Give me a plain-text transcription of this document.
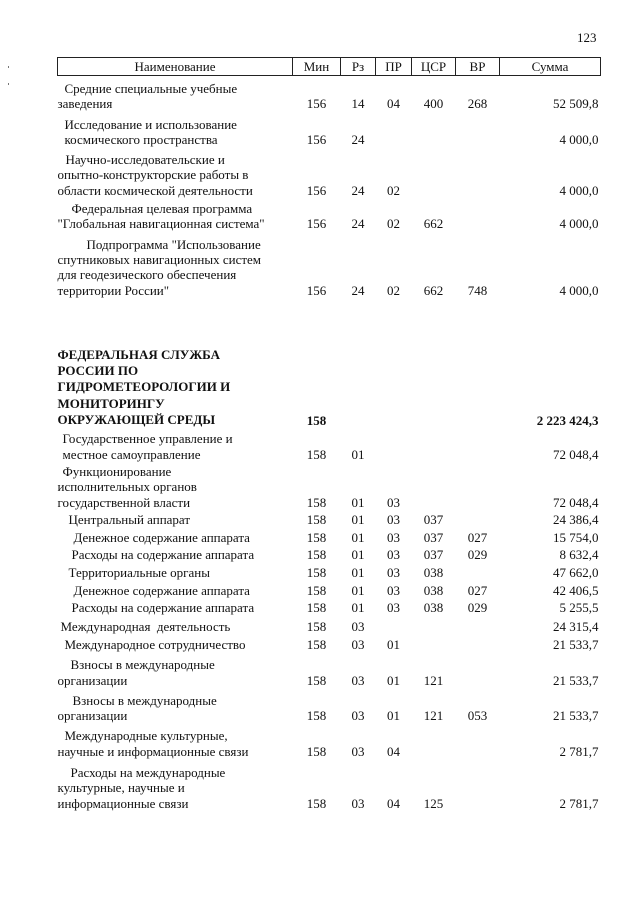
123
Наименование	Мин	Рз	ПР	ЦСР	ВР	Сумма

Средние специальные учебные
заведения	156	14	04	400	268	52 509,8

Исследование и использование
космического пространства	156	24				4 000,0

Научно-исследовательские и
опытно-конструкторские работы в
области космической деятельности	156	24	02			4 000,0

Федеральная целевая программа
"Глобальная навигационная система"	156	24	02	662		4 000,0

Подпрограмма "Использование
спутниковых навигационных систем
для геодезического обеспечения
территории России"	156	24	02	662	748	4 000,0

ФЕДЕРАЛЬНАЯ СЛУЖБА
РОССИИ ПО
ГИДРОМЕТЕОРОЛОГИИ И
МОНИТОРИНГУ
ОКРУЖАЮЩЕЙ СРЕДЫ	158					2 223 424,3

Государственное управление и
местное самоуправление	158	01				72 048,4

Функционирование
исполнительных органов
государственной власти	158	01	03			72 048,4

Центральный аппарат	158	01	03	037		24 386,4

Денежное содержание аппарата	158	01	03	037	027	15 754,0

Расходы на содержание аппарата	158	01	03	037	029	8 632,4

Территориальные органы	158	01	03	038		47 662,0

Денежное содержание аппарата	158	01	03	038	027	42 406,5

Расходы на содержание аппарата	158	01	03	038	029	5 255,5

Международная  деятельность	158	03				24 315,4

Международное сотрудничество	158	03	01			21 533,7

Взносы в международные
организации	158	03	01	121		21 533,7

Взносы в международные
организации	158	03	01	121	053	21 533,7

Международные культурные,
научные и информационные связи	158	03	04			2 781,7

Расходы на международные
культурные, научные и
информационные связи	158	03	04	125		2 781,7
